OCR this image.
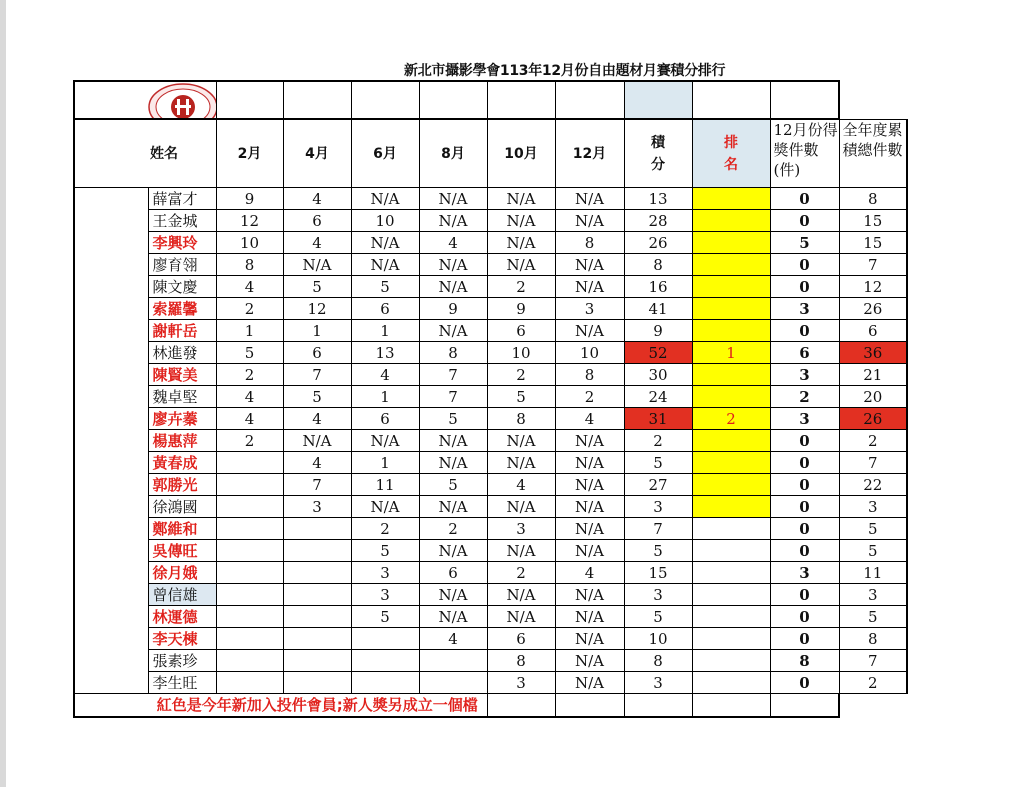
新北市攝影學會113年12月份自由題材月賽積分排行

	姓名	2月	4月	6月	8月	10月	12月	積
分	排
名	12月份得獎件數(件)	全年度累積總件數
	薛富才	9	4	N/A	N/A	N/A	N/A	13		0	8
	王金城	12	6	10	N/A	N/A	N/A	28		0	15
	李興玲	10	4	N/A	4	N/A	8	26		5	15
	廖育翎	8	N/A	N/A	N/A	N/A	N/A	8		0	7
	陳文慶	4	5	5	N/A	2	N/A	16		0	12
	索羅馨	2	12	6	9	9	3	41		3	26
	謝軒岳	1	1	1	N/A	6	N/A	9		0	6
	林進發	5	6	13	8	10	10	52	1	6	36
	陳賢美	2	7	4	7	2	8	30		3	21
	魏卓堅	4	5	1	7	5	2	24		2	20
	廖卉蓁	4	4	6	5	8	4	31	2	3	26
	楊惠萍	2	N/A	N/A	N/A	N/A	N/A	2		0	2
	黃春成		4	1	N/A	N/A	N/A	5		0	7
	郭勝光		7	11	5	4	N/A	27		0	22
	徐鴻國		3	N/A	N/A	N/A	N/A	3		0	3
	鄭維和			2	2	3	N/A	7		0	5
	吳傳旺			5	N/A	N/A	N/A	5		0	5
	徐月娥			3	6	2	4	15		3	11
	曾信雄			3	N/A	N/A	N/A	3		0	3
	林運德			5	N/A	N/A	N/A	5		0	5
	李天棟				4	6	N/A	10		0	8
	張素珍					8	N/A	8		8	7
	李生旺					3	N/A	3		0	2
	紅色是今年新加入投件會員;新人獎另成立一個檔										
